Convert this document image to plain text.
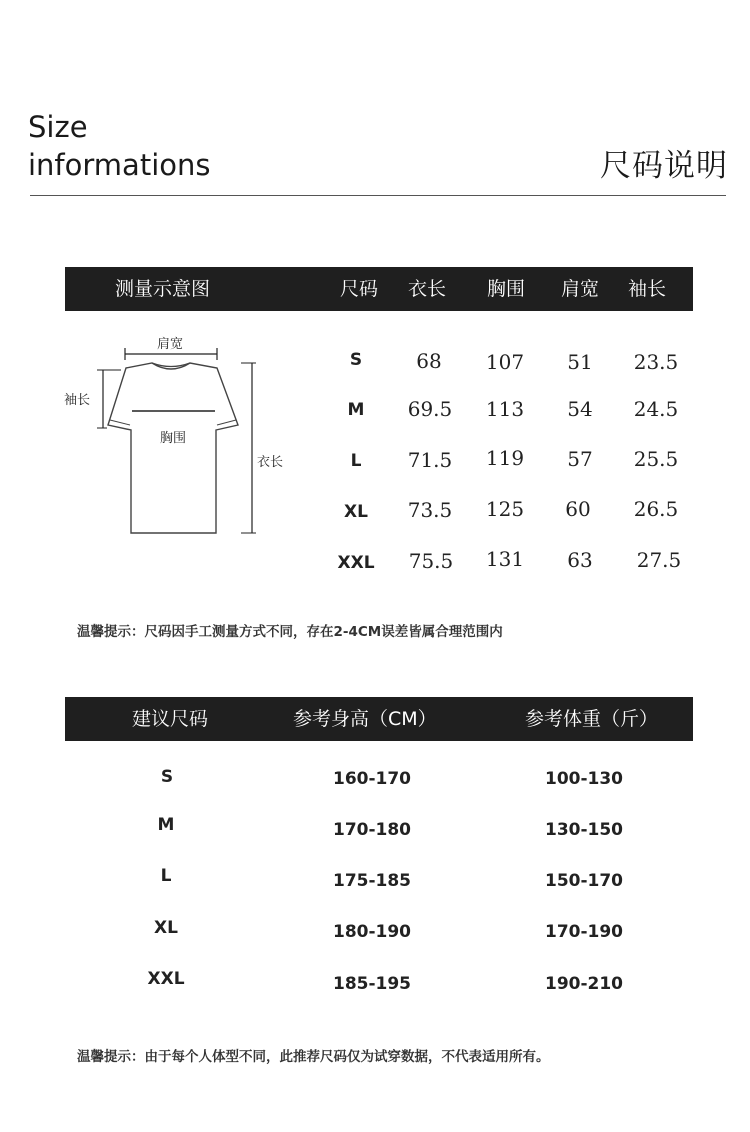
Size
informations	尺码说明
测量示意图	尺码 衣长 胸围 肩宽 袖长
肩宽
袖长
胸围
衣长
S	68 107 51 23.5
M 69.5 113 54 24.5
L 71.5 119 57 25.5
XL 73.5 125 60 26.5
XXL 75.5 131 63 27.5
温馨提示：尺码因手工测量方式不同，存在2-4CM误差皆属合理范围内
建议尺码	参考身高（CM）	参考体重（斤）
S	160-170	100-130
M	170-180	130-150
L	175-185	150-170
XL	180-190	170-190
XXL	185-195	190-210
温馨提示：由于每个人体型不同，此推荐尺码仅为试穿数据，不代表适用所有。
